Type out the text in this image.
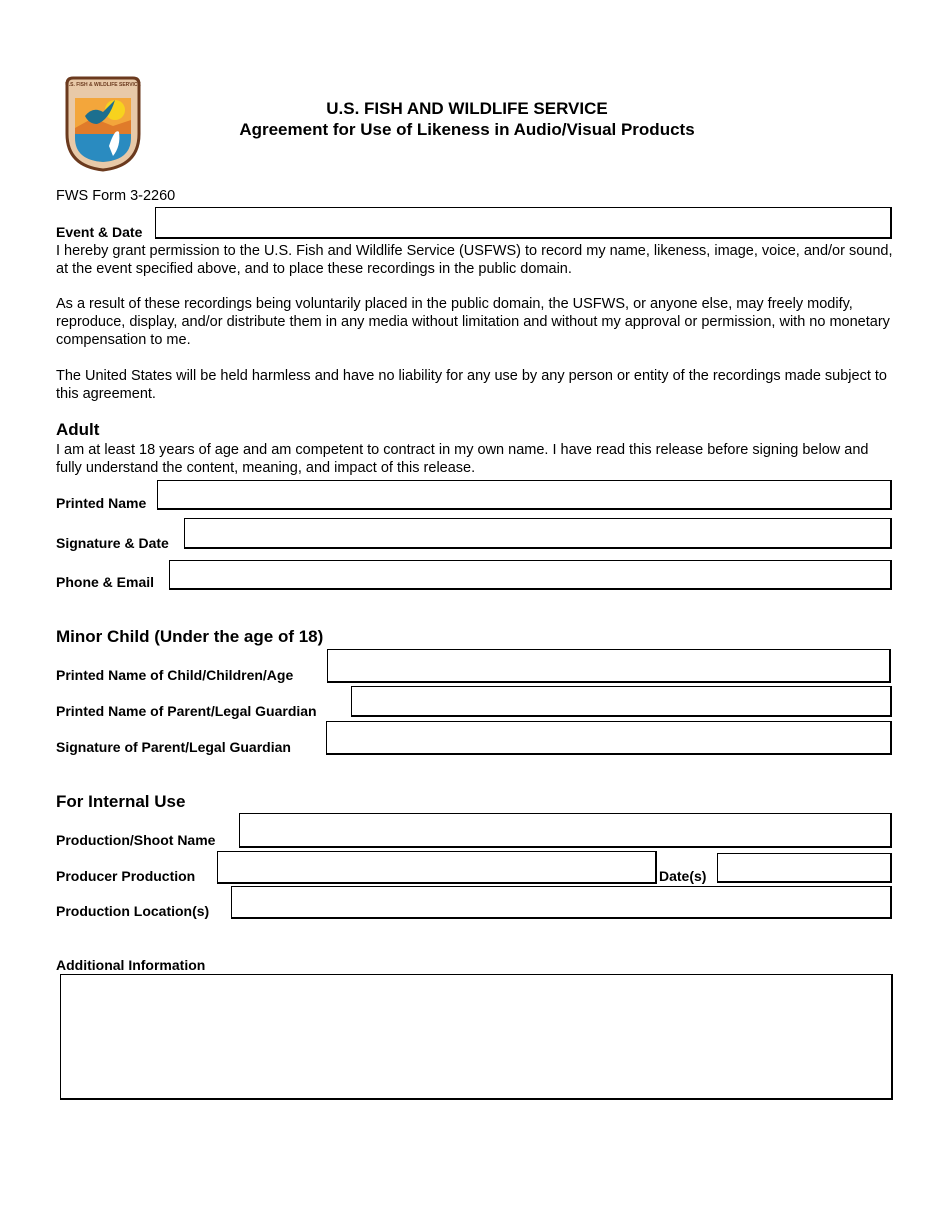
U.S. FISH & WILDLIFE SERVICE
U.S. FISH AND WILDLIFE SERVICE
Agreement for Use of Likeness in Audio/Visual Products
FWS Form 3-2260
Event & Date
I hereby grant permission to the U.S. Fish and Wildlife Service (USFWS) to record my name, likeness, image, voice, and/or sound, at the event specified above, and to place these recordings in the public domain.
As a result of these recordings being voluntarily placed in the public domain, the USFWS, or anyone else, may freely modify, reproduce, display, and/or distribute them in any media without limitation and without my approval or permission, with no monetary compensation to me.
The United States will be held harmless and have no liability for any use by any person or entity of the recordings made subject to this agreement.
Adult
I am at least 18 years of age and am competent to contract in my own name. I have read this release before signing below and fully understand the content, meaning, and impact of this release.
Printed Name
Signature & Date
Phone & Email
Minor Child (Under the age of 18)
Printed Name of Child/Children/Age
Printed Name of Parent/Legal Guardian
Signature of Parent/Legal Guardian
For Internal Use
Production/Shoot Name
Producer Production	Date(s)
Production Location(s)
Additional Information
